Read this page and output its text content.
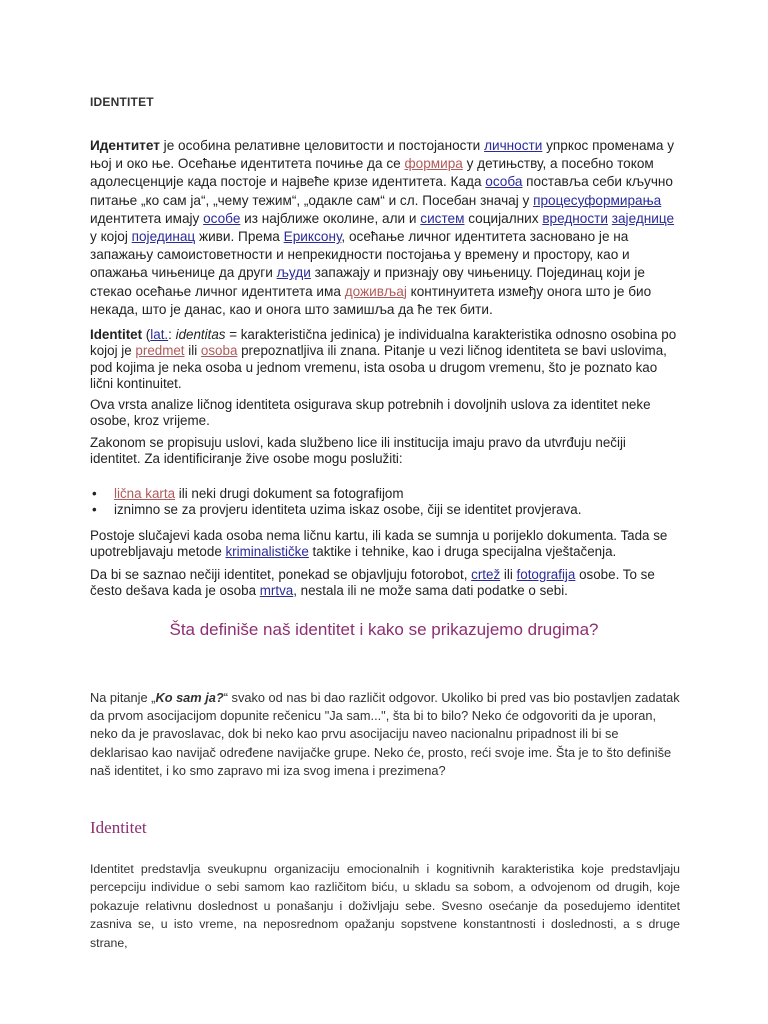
IDENTITET

Идентитет је особина релативне целовитости и постојаности личности упркос променама у њој и око ње. Осећање идентитета почиње да се формира у детињству, а посебно током адолесценције када постоје и највеће кризе идентитета. Када особа поставља себи кључно питање „ко сам ја“, „чему тежим“, „одакле сам“ и сл. Посебан значај у процесуформирања идентитета имају особе из најближе околине, али и систем социјалних вредности заједнице у којој појединац живи. Према Ериксону, осећање личног идентитета засновано је на запажању самоистоветности и непрекидности постојања у времену и простору, као и опажања чињенице да други људи запажају и признају ову чињеницу. Појединац који је стекао осећање личног идентитета има доживљај континуитета између онога што је био некада, што је данас, као и онога што замишља да ће тек бити.

Identitet (lat.: identitas = karakteristična jedinica) je individualna karakteristika odnosno osobina po kojoj je predmet ili osoba prepoznatljiva ili znana. Pitanje u vezi ličnog identiteta se bavi uslovima, pod kojima je neka osoba u jednom vremenu, ista osoba u drugom vremenu, što je poznato kao lični kontinuitet.

Ova vrsta analize ličnog identiteta osigurava skup potrebnih i dovoljnih uslova za identitet neke osobe, kroz vrijeme.

Zakonom se propisuju uslovi, kada službeno lice ili institucija imaju pravo da utvrđuju nečiji identitet. Za identificiranje žive osobe mogu poslužiti:

• lična karta ili neki drugi dokument sa fotografijom
• iznimno se za provjeru identiteta uzima iskaz osobe, čiji se identitet provjerava.

Postoje slučajevi kada osoba nema ličnu kartu, ili kada se sumnja u porijeklo dokumenta. Tada se upotrebljavaju metode kriminalističke taktike i tehnike, kao i druga specijalna vještačenja.

Da bi se saznao nečiji identitet, ponekad se objavljuju fotorobot, crtež ili fotografija osobe. To se često dešava kada je osoba mrtva, nestala ili ne može sama dati podatke o sebi.

Šta definiše naš identitet i kako se prikazujemo drugima?

Na pitanje „Ko sam ja?“ svako od nas bi dao različit odgovor. Ukoliko bi pred vas bio postavljen zadatak da prvom asocijacijom dopunite rečenicu "Ja sam...", šta bi to bilo? Neko će odgovoriti da je uporan, neko da je pravoslavac, dok bi neko kao prvu asocijaciju naveo nacionalnu pripadnost ili bi se deklarisao kao navijač određene navijačke grupe. Neko će, prosto, reći svoje ime. Šta je to što definiše naš identitet, i ko smo zapravo mi iza svog imena i prezimena?

Identitet

Identitet predstavlja sveukupnu organizaciju emocionalnih i kognitivnih karakteristika koje predstavljaju percepciju individue o sebi samom kao različitom biću, u skladu sa sobom, a odvojenom od drugih, koje pokazuje relativnu doslednost u ponašanju i doživljaju sebe. Svesno osećanje da posedujemo identitet zasniva se, u isto vreme, na neposrednom opažanju sopstvene konstantnosti i doslednosti, a s druge strane,
